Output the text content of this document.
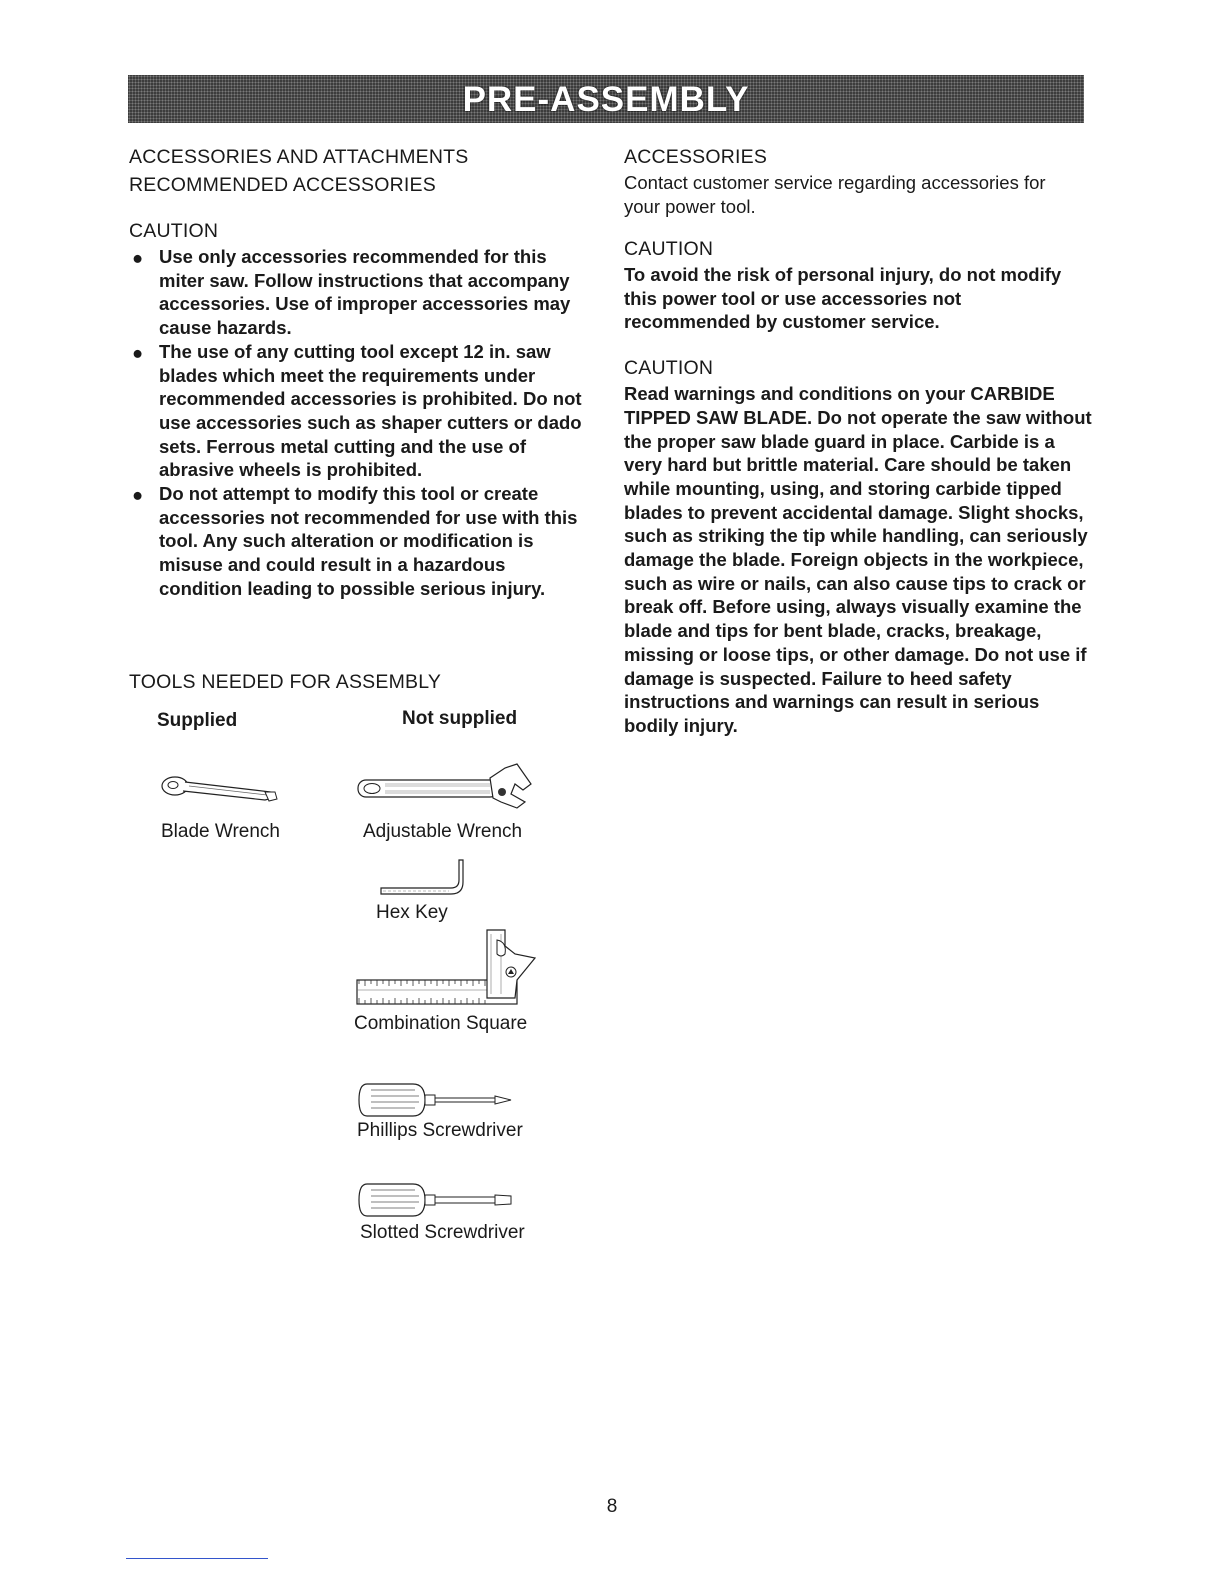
PRE-ASSEMBLY

ACCESSORIES AND ATTACHMENTS

RECOMMENDED ACCESSORIES

CAUTION

● Use only accessories recommended for this miter saw. Follow instructions that accompany accessories. Use of improper accessories may cause hazards.
● The use of any cutting tool except 12 in. saw blades which meet the requirements under recommended accessories is prohibited. Do not use accessories such as shaper cutters or dado sets. Ferrous metal cutting and the use of abrasive wheels is prohibited.
● Do not attempt to modify this tool or create accessories not recommended for use with this tool. Any such alteration or modification is misuse and could result in a hazardous condition leading to possible serious injury.

TOOLS NEEDED FOR ASSEMBLY

Supplied	Not supplied
Blade Wrench	Adjustable Wrench
Hex Key
Combination Square
Phillips Screwdriver
Slotted Screwdriver

ACCESSORIES

Contact customer service regarding accessories for your power tool.

CAUTION

To avoid the risk of personal injury, do not modify this power tool or use accessories not recommended by customer service.

CAUTION

Read warnings and conditions on your CARBIDE TIPPED SAW BLADE. Do not operate the saw without the proper saw blade guard in place. Carbide is a very hard but brittle material. Care should be taken while mounting, using, and storing carbide tipped blades to prevent accidental damage. Slight shocks, such as striking the tip while handling, can seriously damage the blade. Foreign objects in the workpiece, such as wire or nails, can also cause tips to crack or break off. Before using, always visually examine the blade and tips for bent blade, cracks, breakage, missing or loose tips, or other damage. Do not use if damage is suspected. Failure to heed safety instructions and warnings can result in serious bodily injury.

8
